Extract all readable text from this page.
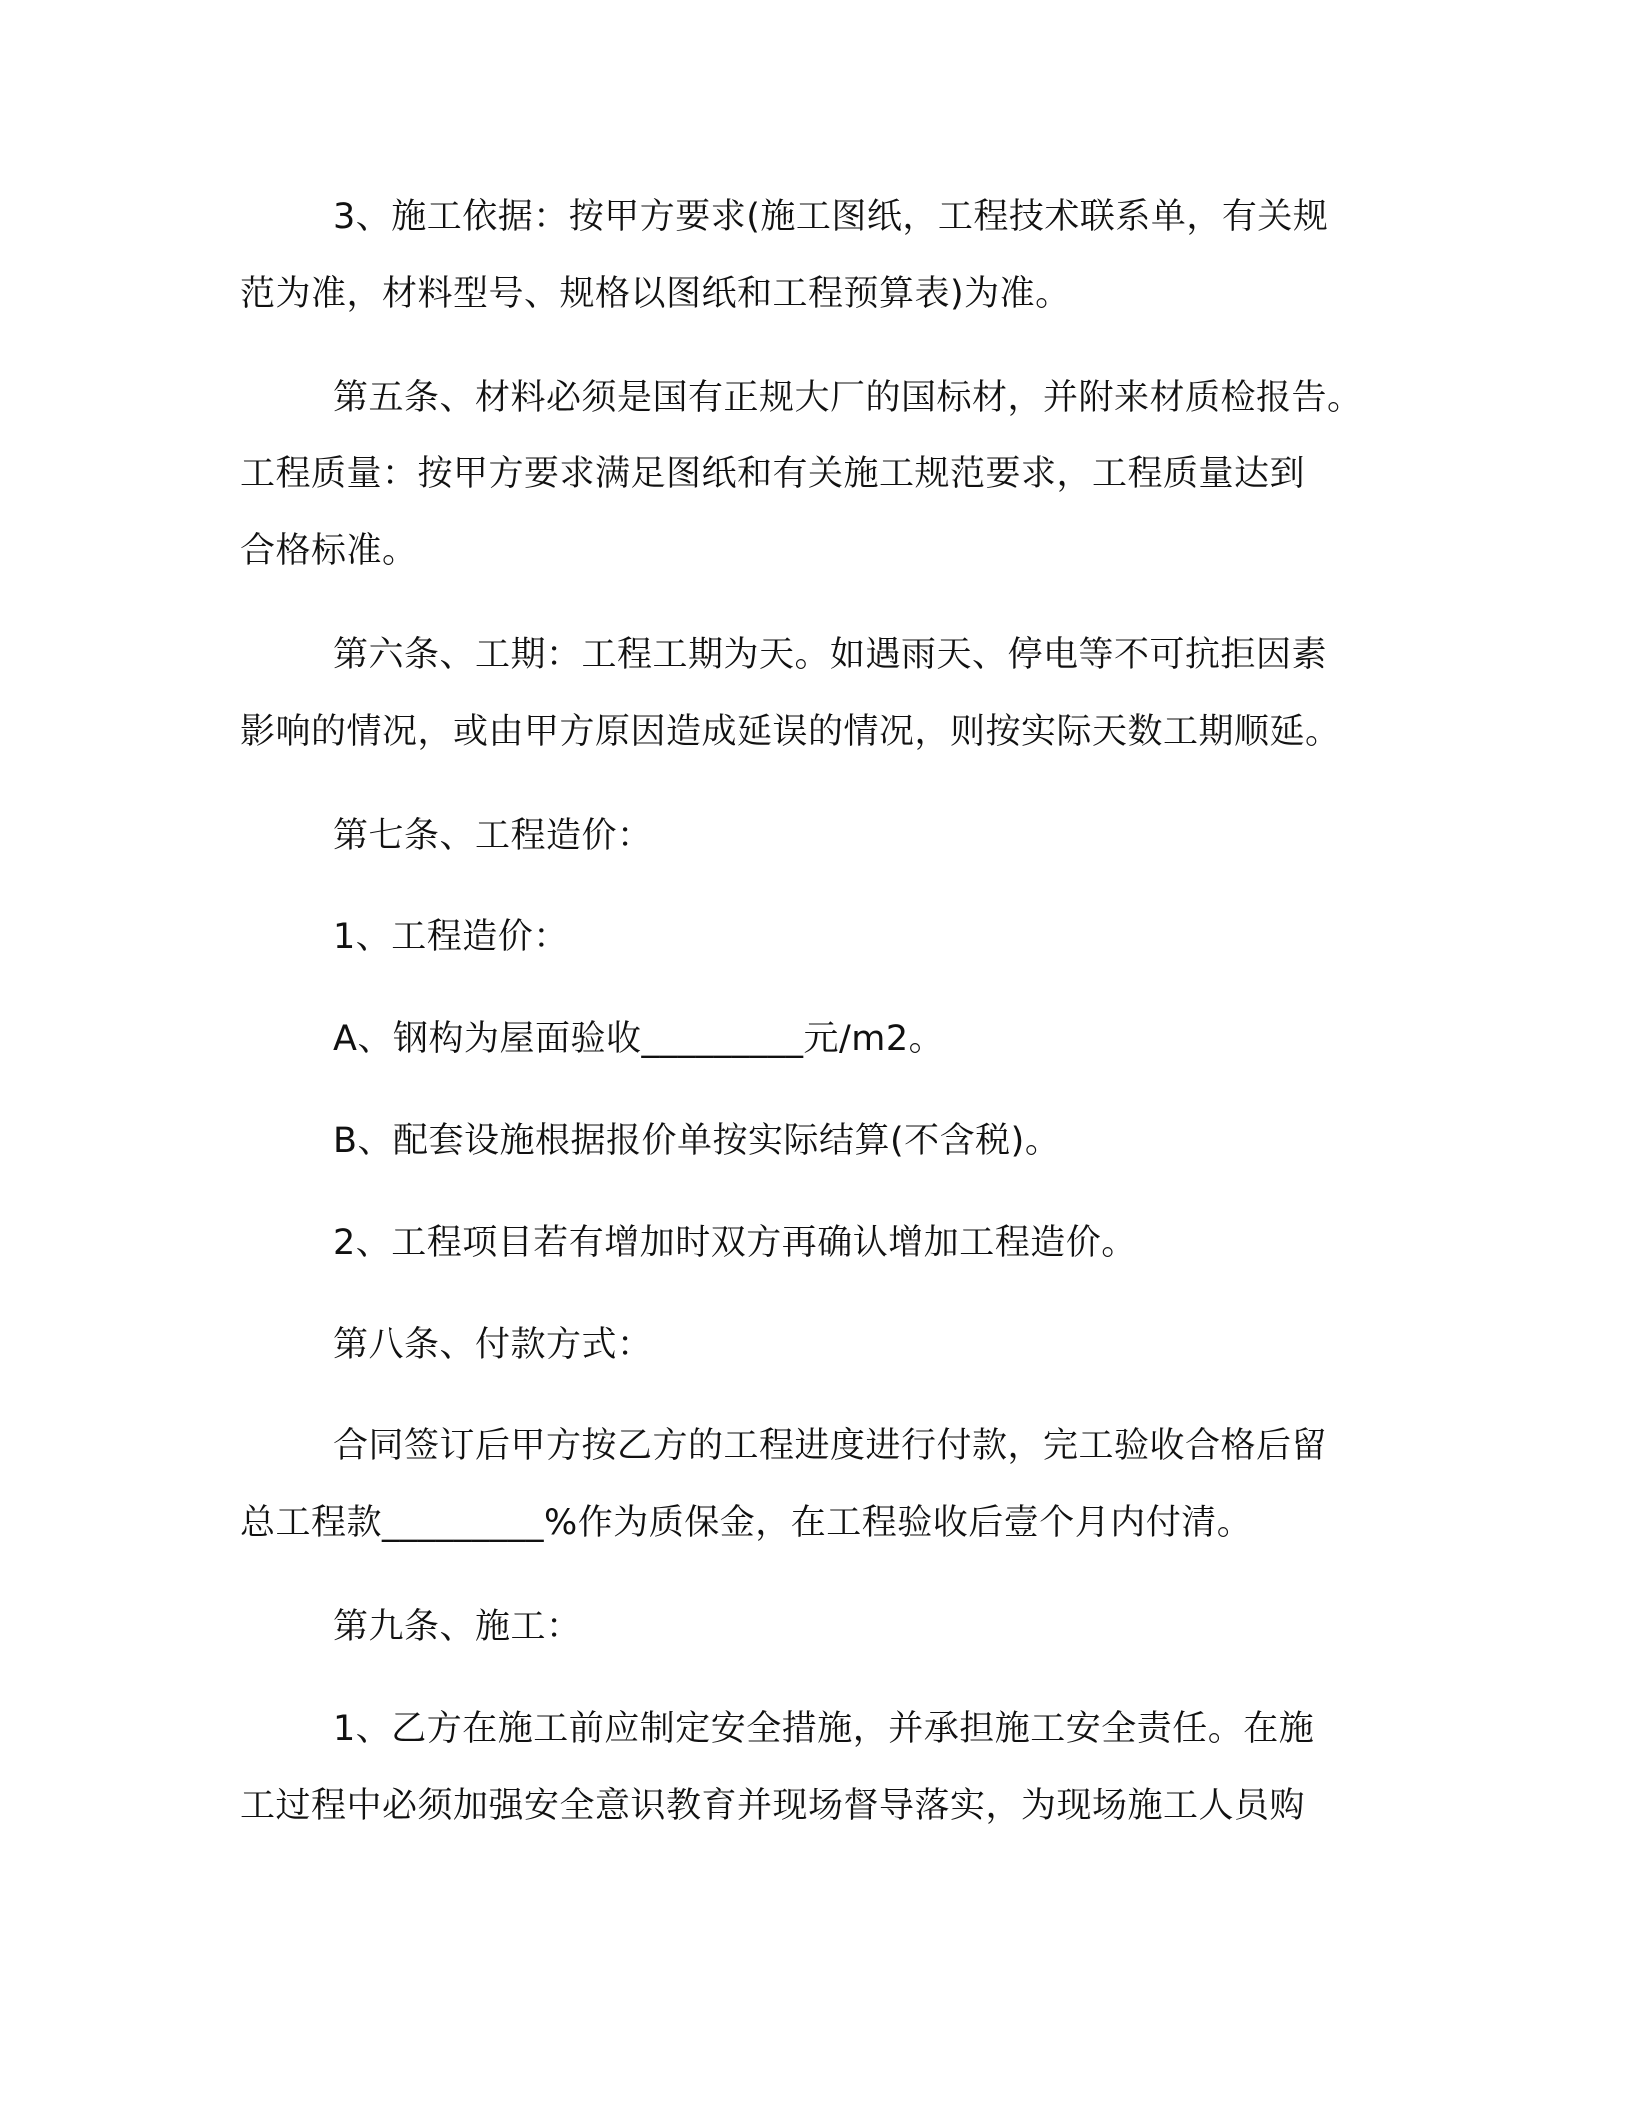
3、施工依据：按甲方要求(施工图纸，工程技术联系单，有关规
范为准，材料型号、规格以图纸和工程预算表)为准。
第五条、材料必须是国有正规大厂的国标材，并附来材质检报告。
工程质量：按甲方要求满足图纸和有关施工规范要求，工程质量达到
合格标准。
第六条、工期：工程工期为天。如遇雨天、停电等不可抗拒因素
影响的情况，或由甲方原因造成延误的情况，则按实际天数工期顺延。
第七条、工程造价：
1、工程造价：
A、钢构为屋面验收_________元/m2。
B、配套设施根据报价单按实际结算(不含税)。
2、工程项目若有增加时双方再确认增加工程造价。
第八条、付款方式：
合同签订后甲方按乙方的工程进度进行付款，完工验收合格后留
总工程款_________%作为质保金，在工程验收后壹个月内付清。
第九条、施工：
1、乙方在施工前应制定安全措施，并承担施工安全责任。在施
工过程中必须加强安全意识教育并现场督导落实，为现场施工人员购
